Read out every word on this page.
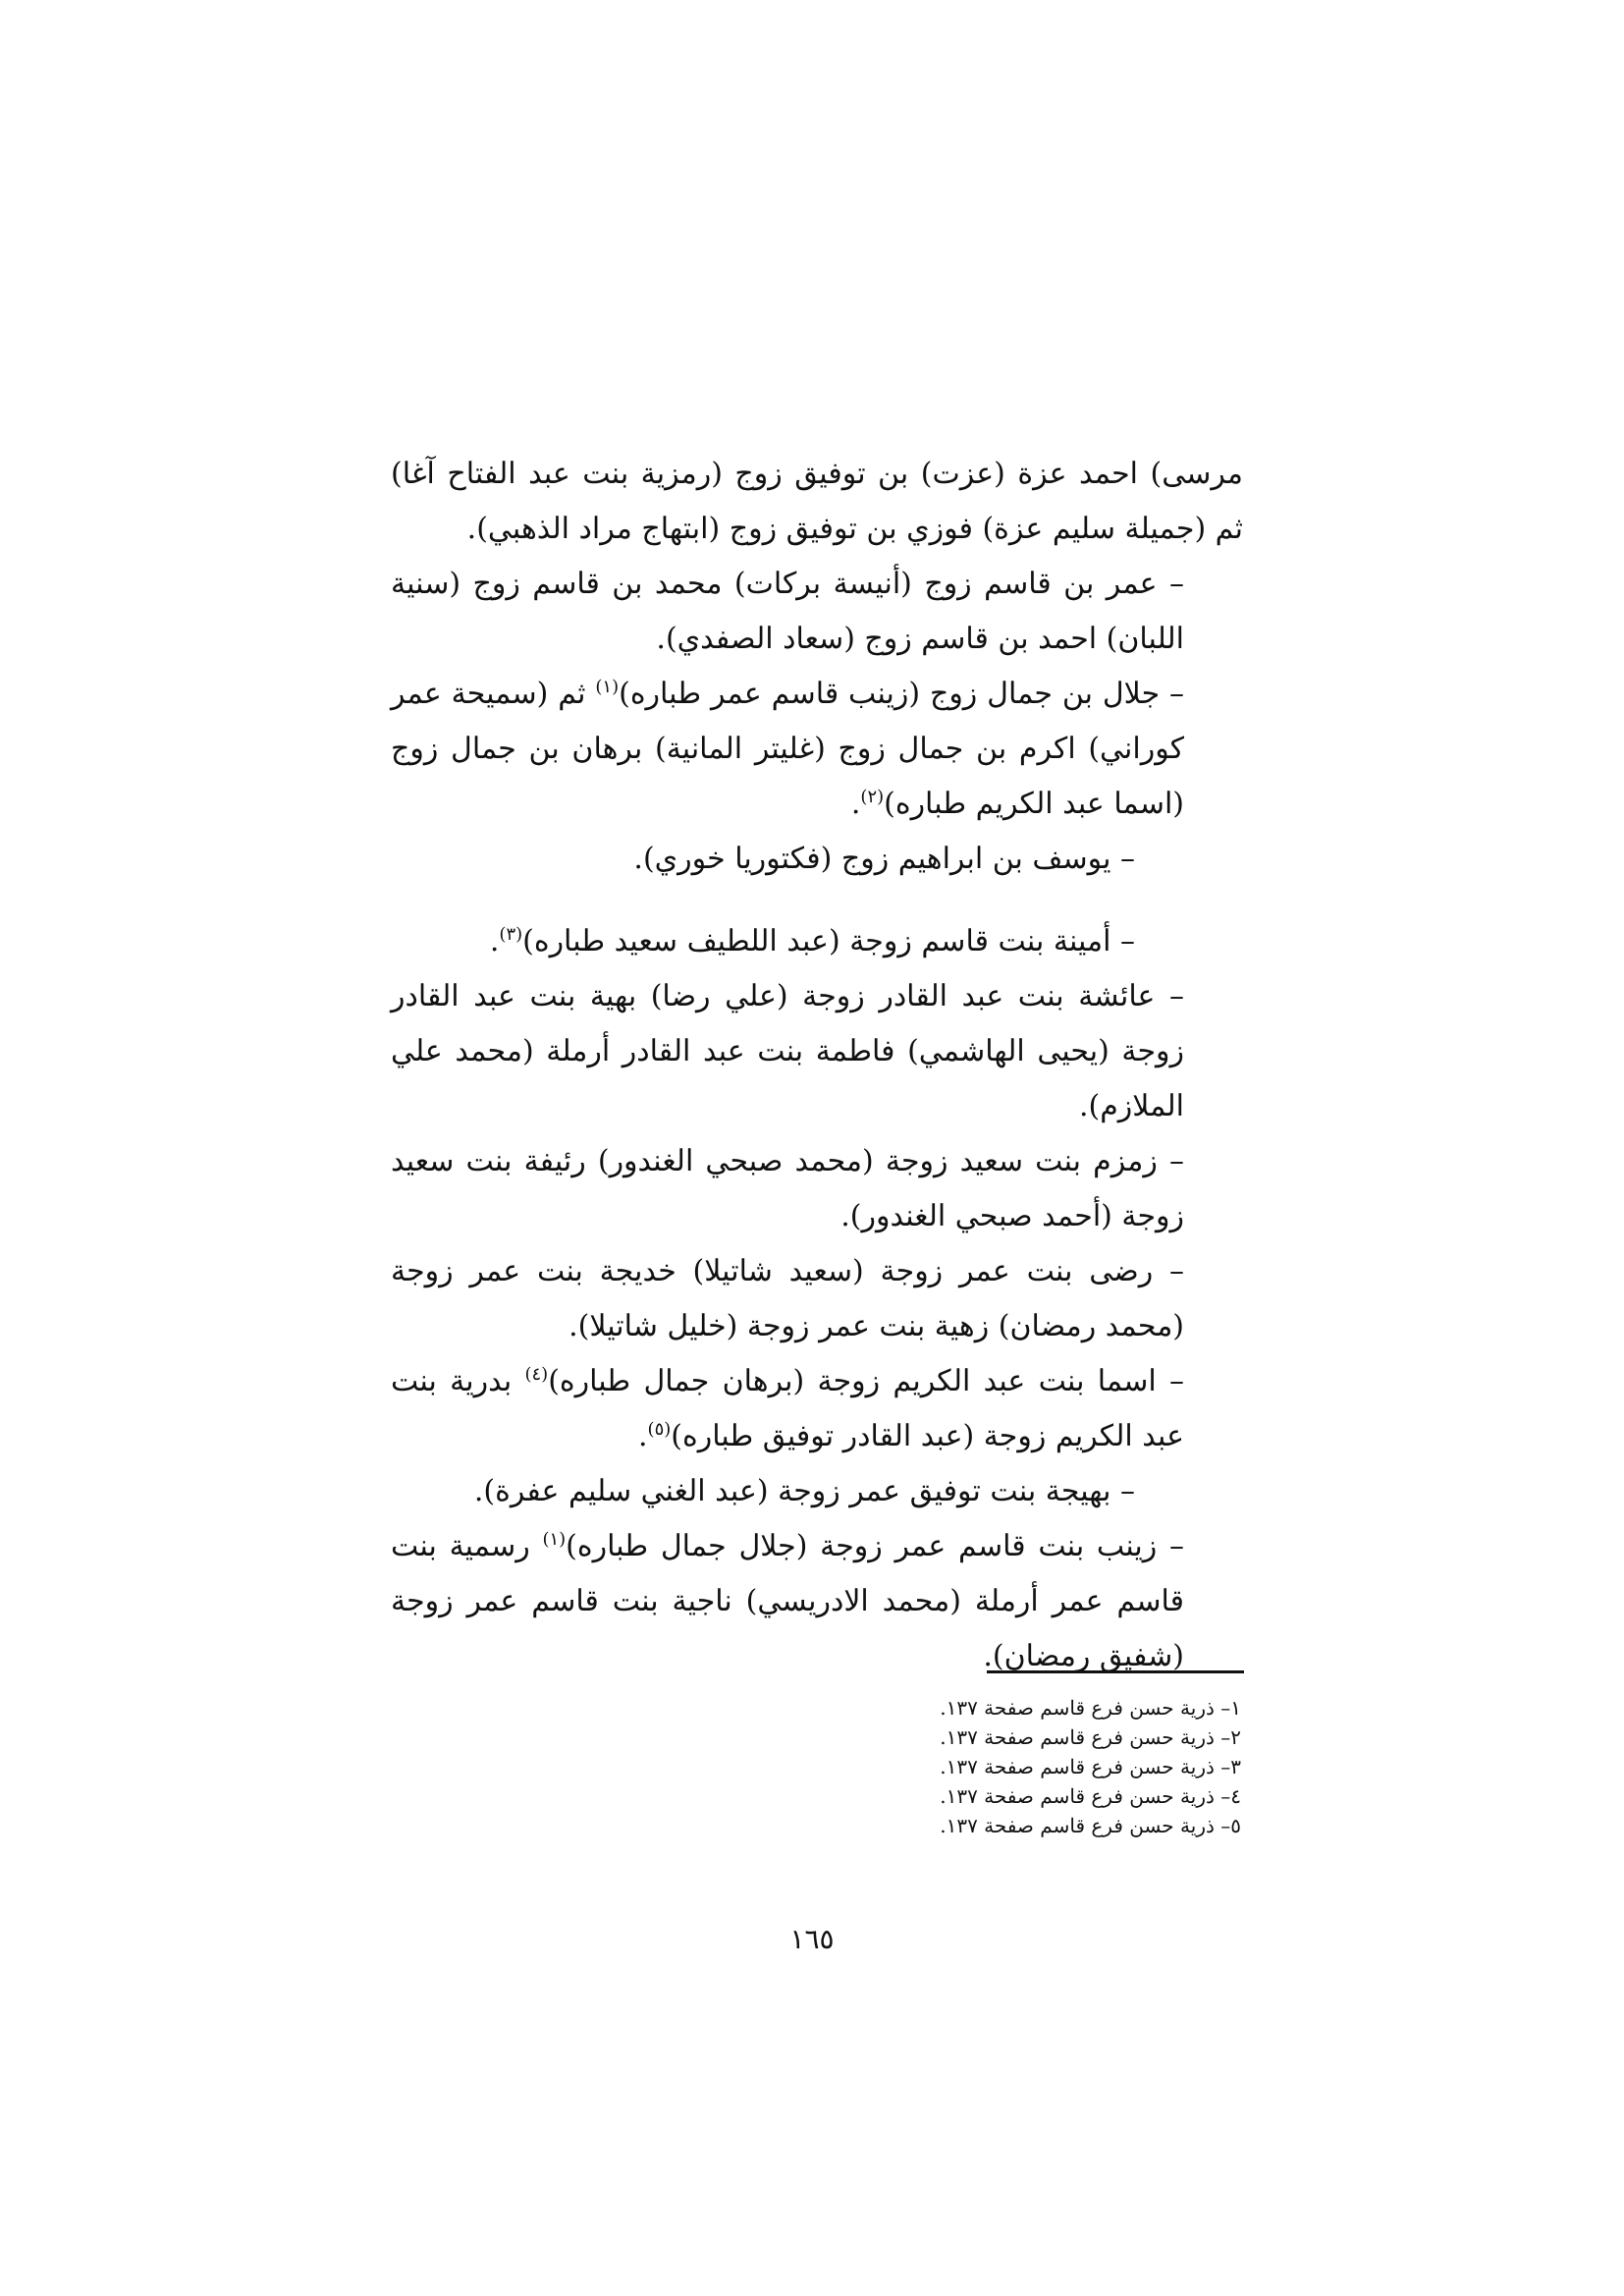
مرسى) احمد عزة (عزت) بن توفيق زوج (رمزية بنت عبد الفتاح آغا) ثم (جميلة سليم عزة) فوزي بن توفيق زوج (ابتهاج مراد الذهبي).

– عمر بن قاسم زوج (أنيسة بركات) محمد بن قاسم زوج (سنية اللبان) احمد بن قاسم زوج (سعاد الصفدي).

– جلال بن جمال زوج (زينب قاسم عمر طباره)$^{(١)}$ ثم (سميحة عمر كوراني) اكرم بن جمال زوج (غليتر المانية) برهان بن جمال زوج (اسما عبد الكريم طباره)$^{(٢)}$.

– يوسف بن ابراهيم زوج (فكتوريا خوري).

– أمينة بنت قاسم زوجة (عبد اللطيف سعيد طباره)$^{(٣)}$.

– عائشة بنت عبد القادر زوجة (علي رضا) بهية بنت عبد القادر زوجة (يحيى الهاشمي) فاطمة بنت عبد القادر أرملة (محمد علي الملازم).

– زمزم بنت سعيد زوجة (محمد صبحي الغندور) رئيفة بنت سعيد زوجة (أحمد صبحي الغندور).

– رضى بنت عمر زوجة (سعيد شاتيلا) خديجة بنت عمر زوجة (محمد رمضان) زهية بنت عمر زوجة (خليل شاتيلا).

– اسما بنت عبد الكريم زوجة (برهان جمال طباره)$^{(٤)}$ بدرية بنت عبد الكريم زوجة (عبد القادر توفيق طباره)$^{(٥)}$.

– بهيجة بنت توفيق عمر زوجة (عبد الغني سليم عفرة).

– زينب بنت قاسم عمر زوجة (جلال جمال طباره)$^{(١)}$ رسمية بنت قاسم عمر أرملة (محمد الادريسي) ناجية بنت قاسم عمر زوجة (شفيق رمضان).

١– ذرية حسن فرع قاسم صفحة ١٣٧.

٢– ذرية حسن فرع قاسم صفحة ١٣٧.

٣– ذرية حسن فرع قاسم صفحة ١٣٧.

٤– ذرية حسن فرع قاسم صفحة ١٣٧.

٥– ذرية حسن فرع قاسم صفحة ١٣٧.

١٦٥
